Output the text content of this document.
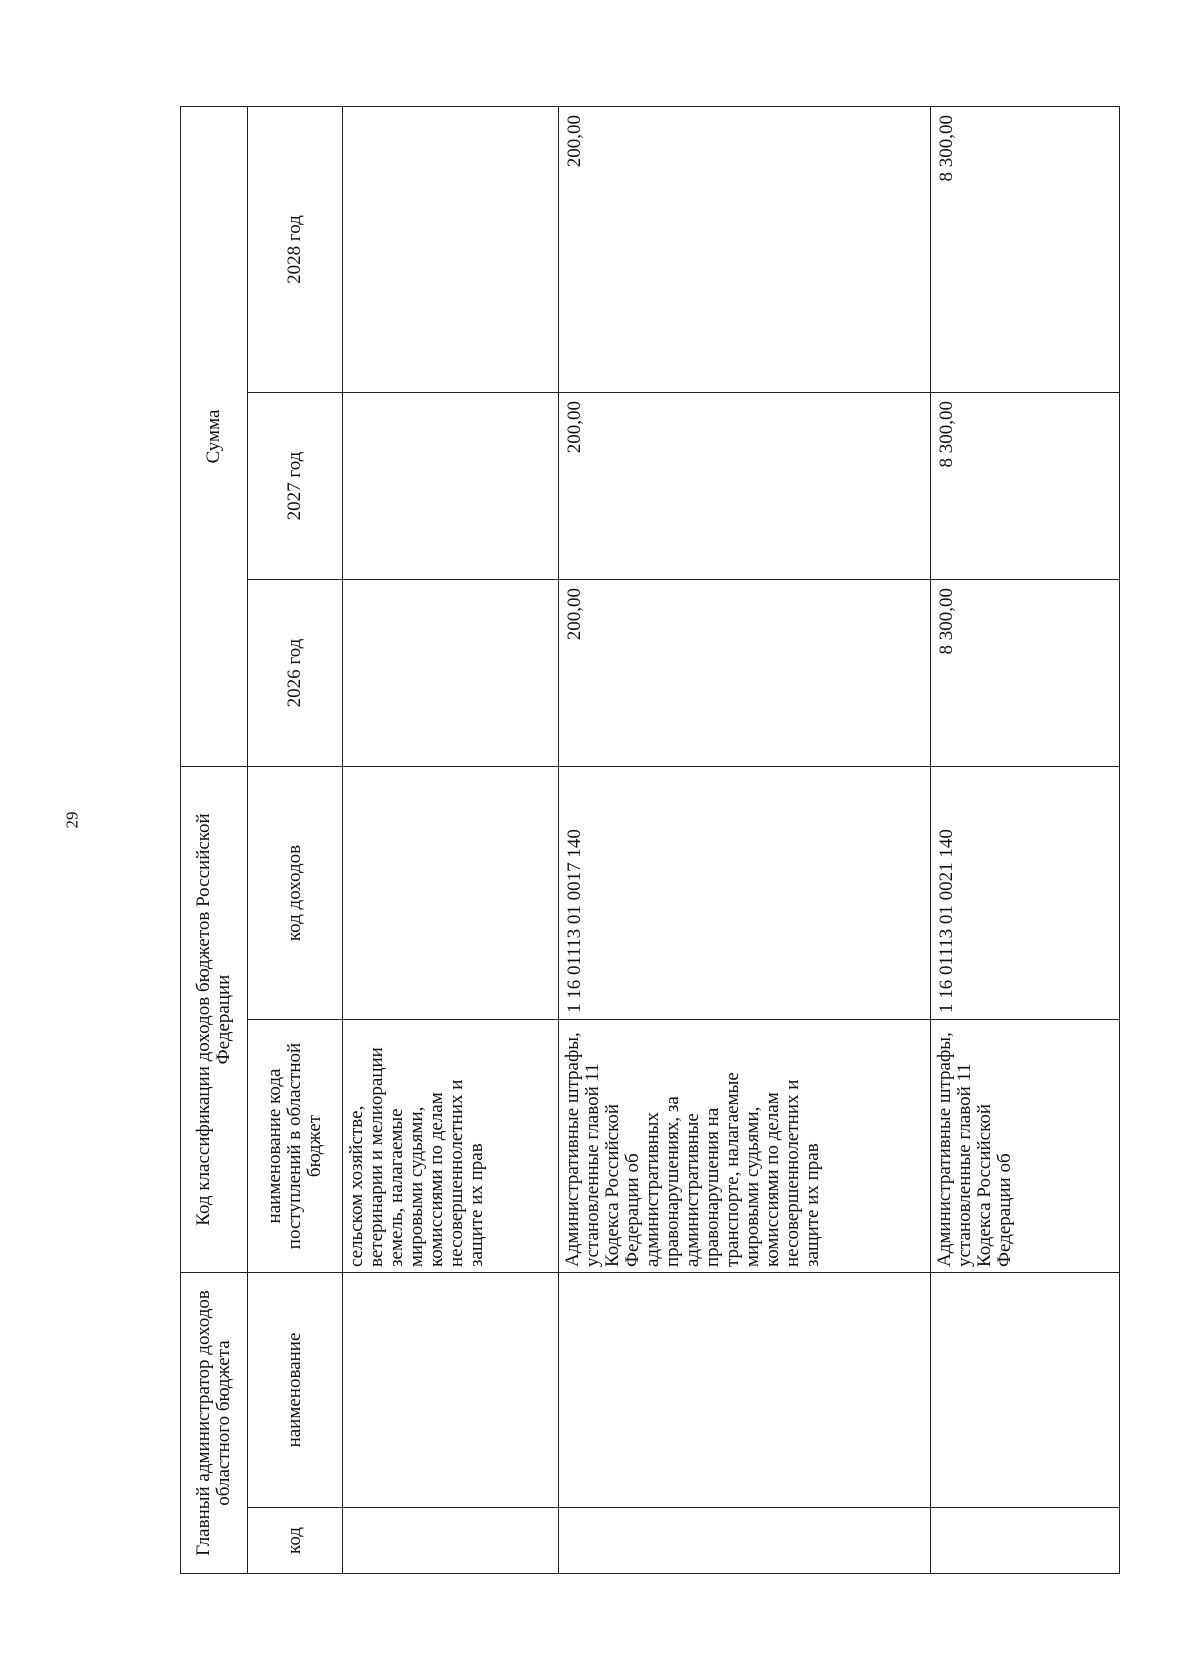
29
Главный администратор доходов областного бюджета		Код классификации доходов бюджетов Российской Федерации		Сумма		
код	наименование	наименование кода поступлений в областной бюджет	код доходов	2026 год	2027 год	2028 год
		сельском хозяйстве, ветеринарии и мелиорации земель, налагаемые мировыми судьями, комиссиями по делам несовершеннолетних и защите их прав				
		Административные штрафы, установленные главой 11 Кодекса Российской Федерации об административных правонарушениях, за административные правонарушения на транспорте, налагаемые мировыми судьями, комиссиями по делам несовершеннолетних и защите их прав	1 16 01113 01 0017 140	200,00	200,00	200,00
		Административные штрафы, установленные главой 11 Кодекса Российской Федерации об	1 16 01113 01 0021 140	8 300,00	8 300,00	8 300,00
